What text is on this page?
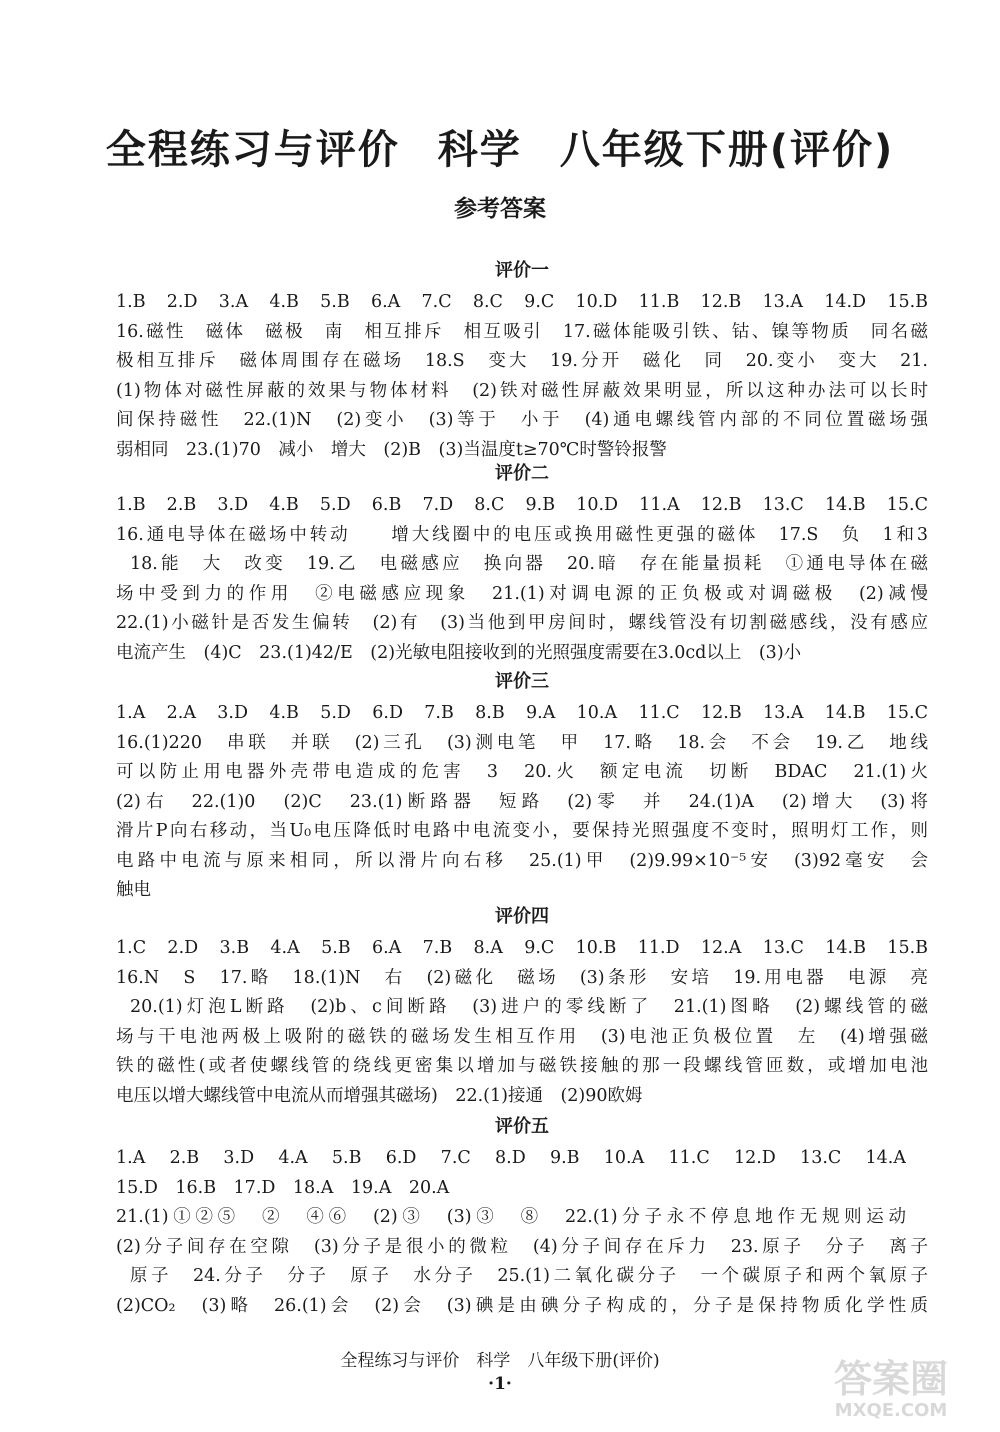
全程练习与评价 科学 八年级下册(评价)
参考答案
评价一
1.B　2.D　3.A　4.B　5.B　6.A　7.C　8.C　9.C　10.D　11.B　12.B　13.A　14.D　15.B
16.磁性　磁体　磁极　南　相互排斥　相互吸引　17.磁体能吸引铁、钴、镍等物质　同名磁
极相互排斥　磁体周围存在磁场　18.S　变大　19.分开　磁化　同　20.变小　变大　21.
(1)物体对磁性屏蔽的效果与物体材料　(2)铁对磁性屏蔽效果明显，所以这种办法可以长时
间保持磁性　22.(1)N　(2)变小　(3)等于　小于　(4)通电螺线管内部的不同位置磁场强
弱相同　23.(1)70　减小　增大　(2)B　(3)当温度t≥70℃时警铃报警
评价二
1.B　2.B　3.D　4.B　5.D　6.B　7.D　8.C　9.B　10.D　11.A　12.B　13.C　14.B　15.C
16.通电导体在磁场中转动　　增大线圈中的电压或换用磁性更强的磁体　17.S　负　1和3
18.能　大　改变　19.乙　电磁感应　换向器　20.暗　存在能量损耗　①通电导体在磁
场中受到力的作用　②电磁感应现象　21.(1)对调电源的正负极或对调磁极　(2)减慢
22.(1)小磁针是否发生偏转　(2)有　(3)当他到甲房间时，螺线管没有切割磁感线，没有感应
电流产生　(4)C　23.(1)42/E　(2)光敏电阻接收到的光照强度需要在3.0cd以上　(3)小
评价三
1.A　2.A　3.D　4.B　5.D　6.D　7.B　8.B　9.A　10.A　11.C　12.B　13.A　14.B　15.C
16.(1)220　串联　并联　(2)三孔　(3)测电笔　甲　17.略　18.会　不会　19.乙　地线
可以防止用电器外壳带电造成的危害　3　20.火　额定电流　切断　BDAC　21.(1)火
(2)右　22.(1)0　(2)C　23.(1)断路器　短路　(2)零　并　24.(1)A　(2)增大　(3)将
滑片P向右移动，当U₀电压降低时电路中电流变小，要保持光照强度不变时，照明灯工作，则
电路中电流与原来相同，所以滑片向右移　25.(1)甲　(2)9.99×10⁻⁵安　(3)92毫安　会
触电
评价四
1.C　2.D　3.B　4.A　5.B　6.A　7.B　8.A　9.C　10.B　11.D　12.A　13.C　14.B　15.B
16.N　S　17.略　18.(1)N　右　(2)磁化　磁场　(3)条形　安培　19.用电器　电源　亮
20.(1)灯泡L断路　(2)b、c间断路　(3)进户的零线断了　21.(1)图略　(2)螺线管的磁
场与干电池两极上吸附的磁铁的磁场发生相互作用　(3)电池正负极位置　左　(4)增强磁
铁的磁性(或者使螺线管的绕线更密集以增加与磁铁接触的那一段螺线管匝数，或增加电池
电压以增大螺线管中电流从而增强其磁场)　22.(1)接通　(2)90欧姆
评价五
1.A　2.B　3.D　4.A　5.B　6.D　7.C　8.D　9.B　10.A　11.C　12.D　13.C　14.A
15.D　16.B　17.D　18.A　19.A　20.A
21.(1)①②⑤　②　④⑥　(2)③　(3)③　⑧　22.(1)分子永不停息地作无规则运动
(2)分子间存在空隙　(3)分子是很小的微粒　(4)分子间存在斥力　23.原子　分子　离子
原子　24.分子　分子　原子　水分子　25.(1)二氧化碳分子　一个碳原子和两个氧原子
(2)CO₂　(3)略　26.(1)会　(2)会　(3)碘是由碘分子构成的，分子是保持物质化学性质
全程练习与评价　科学　八年级下册(评价)
·1·	答案圈
MXQE.COM
